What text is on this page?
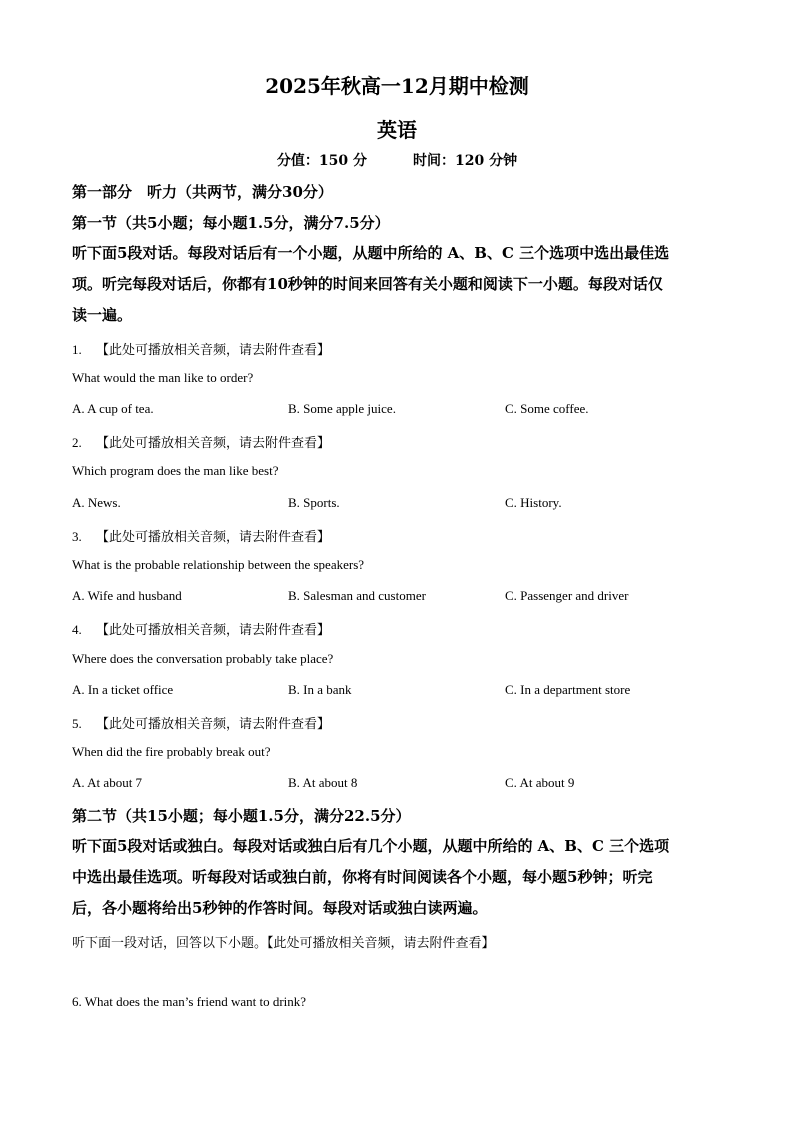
2025年秋高一12月期中检测
英语
分值：150 分	时间：120 分钟
第一部分　听力（共两节，满分30分）
第一节（共5小题；每小题1.5分，满分7.5分）
听下面5段对话。每段对话后有一个小题，从题中所给的 A、B、C 三个选项中选出最佳选
项。听完每段对话后，你都有10秒钟的时间来回答有关小题和阅读下一小题。每段对话仅
读一遍。
1. 【此处可播放相关音频，请去附件查看】
What would the man like to order?
A. A cup of tea.	B. Some apple juice.	C. Some coffee.
2. 【此处可播放相关音频，请去附件查看】
Which program does the man like best?
A. News.	B. Sports.	C. History.
3. 【此处可播放相关音频，请去附件查看】
What is the probable relationship between the speakers?
A. Wife and husband	B. Salesman and customer	C. Passenger and driver
4. 【此处可播放相关音频，请去附件查看】
Where does the conversation probably take place?
A. In a ticket office	B. In a bank	C. In a department store
5. 【此处可播放相关音频，请去附件查看】
When did the fire probably break out?
A. At about 7	B. At about 8	C. At about 9
第二节（共15小题；每小题1.5分，满分22.5分）
听下面5段对话或独白。每段对话或独白后有几个小题，从题中所给的 A、B、C 三个选项
中选出最佳选项。听每段对话或独白前，你将有时间阅读各个小题，每小题5秒钟；听完
后，各小题将给出5秒钟的作答时间。每段对话或独白读两遍。
听下面一段对话，回答以下小题。【此处可播放相关音频，请去附件查看】
6. What does the man’s friend want to drink?
